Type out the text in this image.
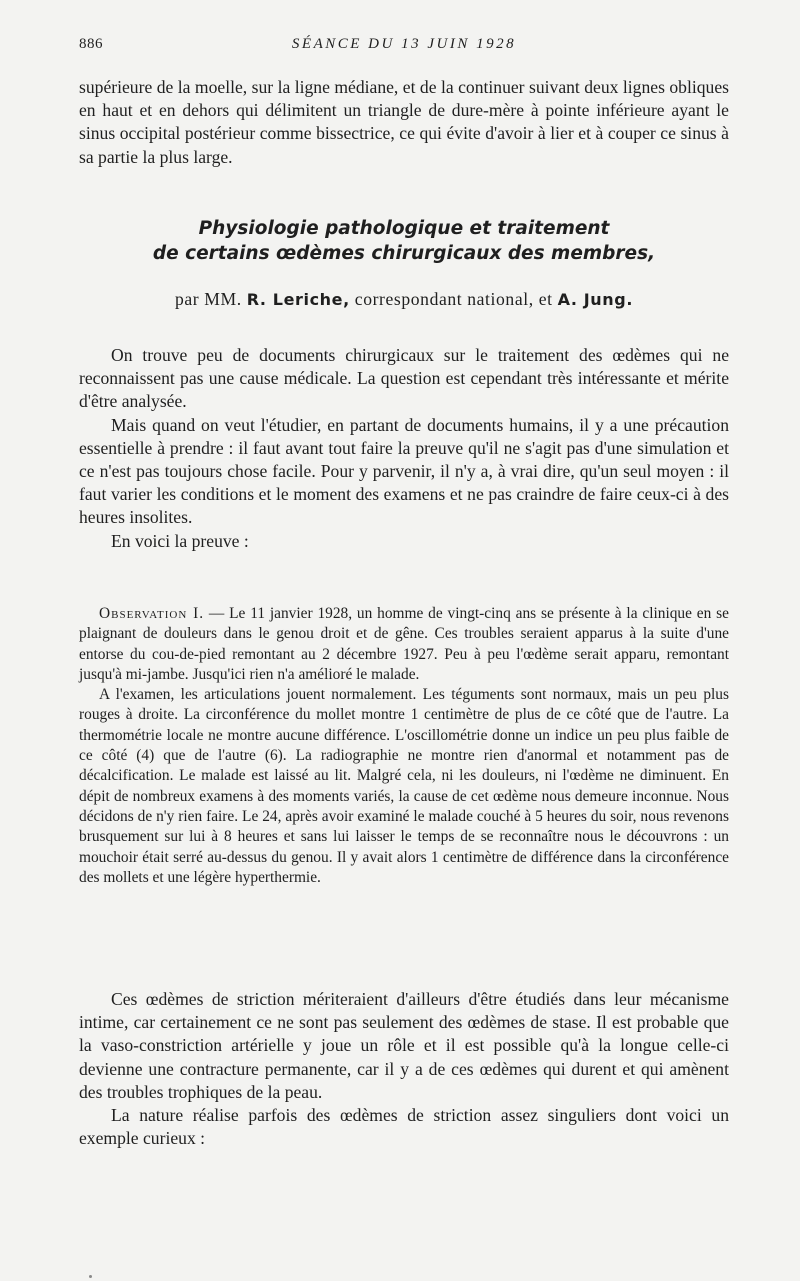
886	SÉANCE DU 13 JUIN 1928

supérieure de la moelle, sur la ligne médiane, et de la continuer suivant deux lignes obliques en haut et en dehors qui délimitent un triangle de dure-mère à pointe inférieure ayant le sinus occipital postérieur comme bissectrice, ce qui évite d'avoir à lier et à couper ce sinus à sa partie la plus large.

Physiologie pathologique et traitement
de certains œdèmes chirurgicaux des membres,
par MM. R. Leriche, correspondant national, et A. Jung.

On trouve peu de documents chirurgicaux sur le traitement des œdèmes qui ne reconnaissent pas une cause médicale. La question est cependant très intéressante et mérite d'être analysée.

Mais quand on veut l'étudier, en partant de documents humains, il y a une précaution essentielle à prendre : il faut avant tout faire la preuve qu'il ne s'agit pas d'une simulation et ce n'est pas toujours chose facile. Pour y parvenir, il n'y a, à vrai dire, qu'un seul moyen : il faut varier les conditions et le moment des examens et ne pas craindre de faire ceux-ci à des heures insolites.

En voici la preuve :

Observation I. — Le 11 janvier 1928, un homme de vingt-cinq ans se présente à la clinique en se plaignant de douleurs dans le genou droit et de gêne. Ces troubles seraient apparus à la suite d'une entorse du cou-de-pied remontant au 2 décembre 1927. Peu à peu l'œdème serait apparu, remontant jusqu'à mi-jambe. Jusqu'ici rien n'a amélioré le malade.

A l'examen, les articulations jouent normalement. Les téguments sont normaux, mais un peu plus rouges à droite. La circonférence du mollet montre 1 centimètre de plus de ce côté que de l'autre. La thermométrie locale ne montre aucune différence. L'oscillométrie donne un indice un peu plus faible de ce côté (4) que de l'autre (6). La radiographie ne montre rien d'anormal et notamment pas de décalcification. Le malade est laissé au lit. Malgré cela, ni les douleurs, ni l'œdème ne diminuent. En dépit de nombreux examens à des moments variés, la cause de cet œdème nous demeure inconnue. Nous décidons de n'y rien faire. Le 24, après avoir examiné le malade couché à 5 heures du soir, nous revenons brusquement sur lui à 8 heures et sans lui laisser le temps de se reconnaître nous le découvrons : un mouchoir était serré au-dessus du genou. Il y avait alors 1 centimètre de différence dans la circonférence des mollets et une légère hyperthermie.

Ces œdèmes de striction mériteraient d'ailleurs d'être étudiés dans leur mécanisme intime, car certainement ce ne sont pas seulement des œdèmes de stase. Il est probable que la vaso-constriction artérielle y joue un rôle et il est possible qu'à la longue celle-ci devienne une contracture permanente, car il y a de ces œdèmes qui durent et qui amènent des troubles trophiques de la peau.

La nature réalise parfois des œdèmes de striction assez singuliers dont voici un exemple curieux :
